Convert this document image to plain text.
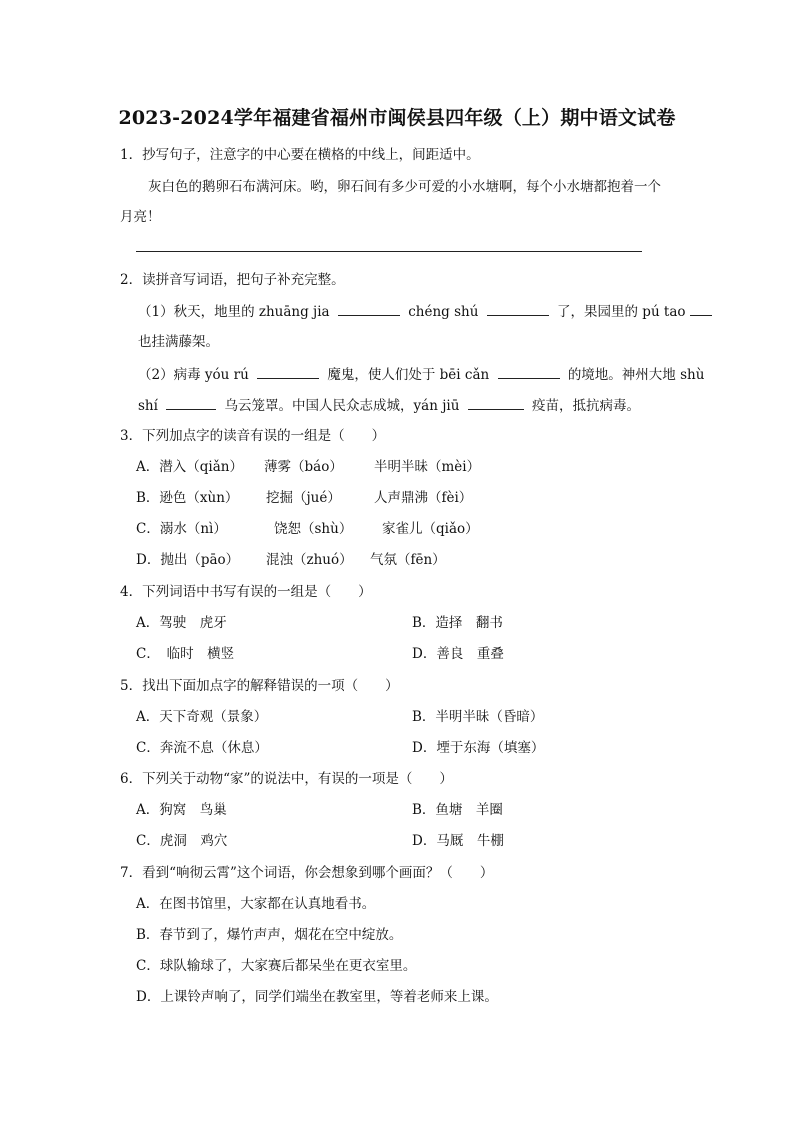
2023-2024学年福建省福州市闽侯县四年级（上）期中语文试卷
1．抄写句子，注意字的中心要在横格的中线上，间距适中。
灰白色的鹅卵石布满河床。哟，卵石间有多少可爱的小水塘啊，每个小水塘都抱着一个
月亮！
2．读拼音写词语，把句子补充完整。
（1）秋天，地里的 zhuāng jia	chéng shú	了，果园里的 pú tao
也挂满藤架。
（2）病毒 yóu rú	魔鬼，使人们处于 bēi cǎn	的境地。神州大地 shù
shí	乌云笼罩。中国人民众志成城，yán jiū	疫苗，抵抗病毒。
3．下列加点字的读音有误的一组是（　　）
A．潜入（qiǎn） 薄雾（báo） 半明半昧（mèi）
B．逊色（xùn） 挖掘（jué） 人声鼎沸（fèi）
C．溺水（nì）	饶恕（shù） 家雀儿（qiǎo）
D．抛出（pāo） 混浊（zhuó） 气氛（fēn）
4．下列词语中书写有误的一组是（　　）
A．驾驶　虎牙	B．造择　翻书
C．　临时　横竖	D．善良　重叠
5．找出下面加点字的解释错误的一项（　　）
A．天下奇观（景象）	B．半明半昧（昏暗）
C．奔流不息（休息）	D．堙于东海（填塞）
6．下列关于动物“家”的说法中，有误的一项是（　　）
A．狗窝　鸟巢	B．鱼塘　羊圈
C．虎洞　鸡穴	D．马厩　牛棚
7．看到“响彻云霄”这个词语，你会想象到哪个画面？（　　）
A．在图书馆里，大家都在认真地看书。
B．春节到了，爆竹声声，烟花在空中绽放。
C．球队输球了，大家赛后都呆坐在更衣室里。
D．上课铃声响了，同学们端坐在教室里，等着老师来上课。
